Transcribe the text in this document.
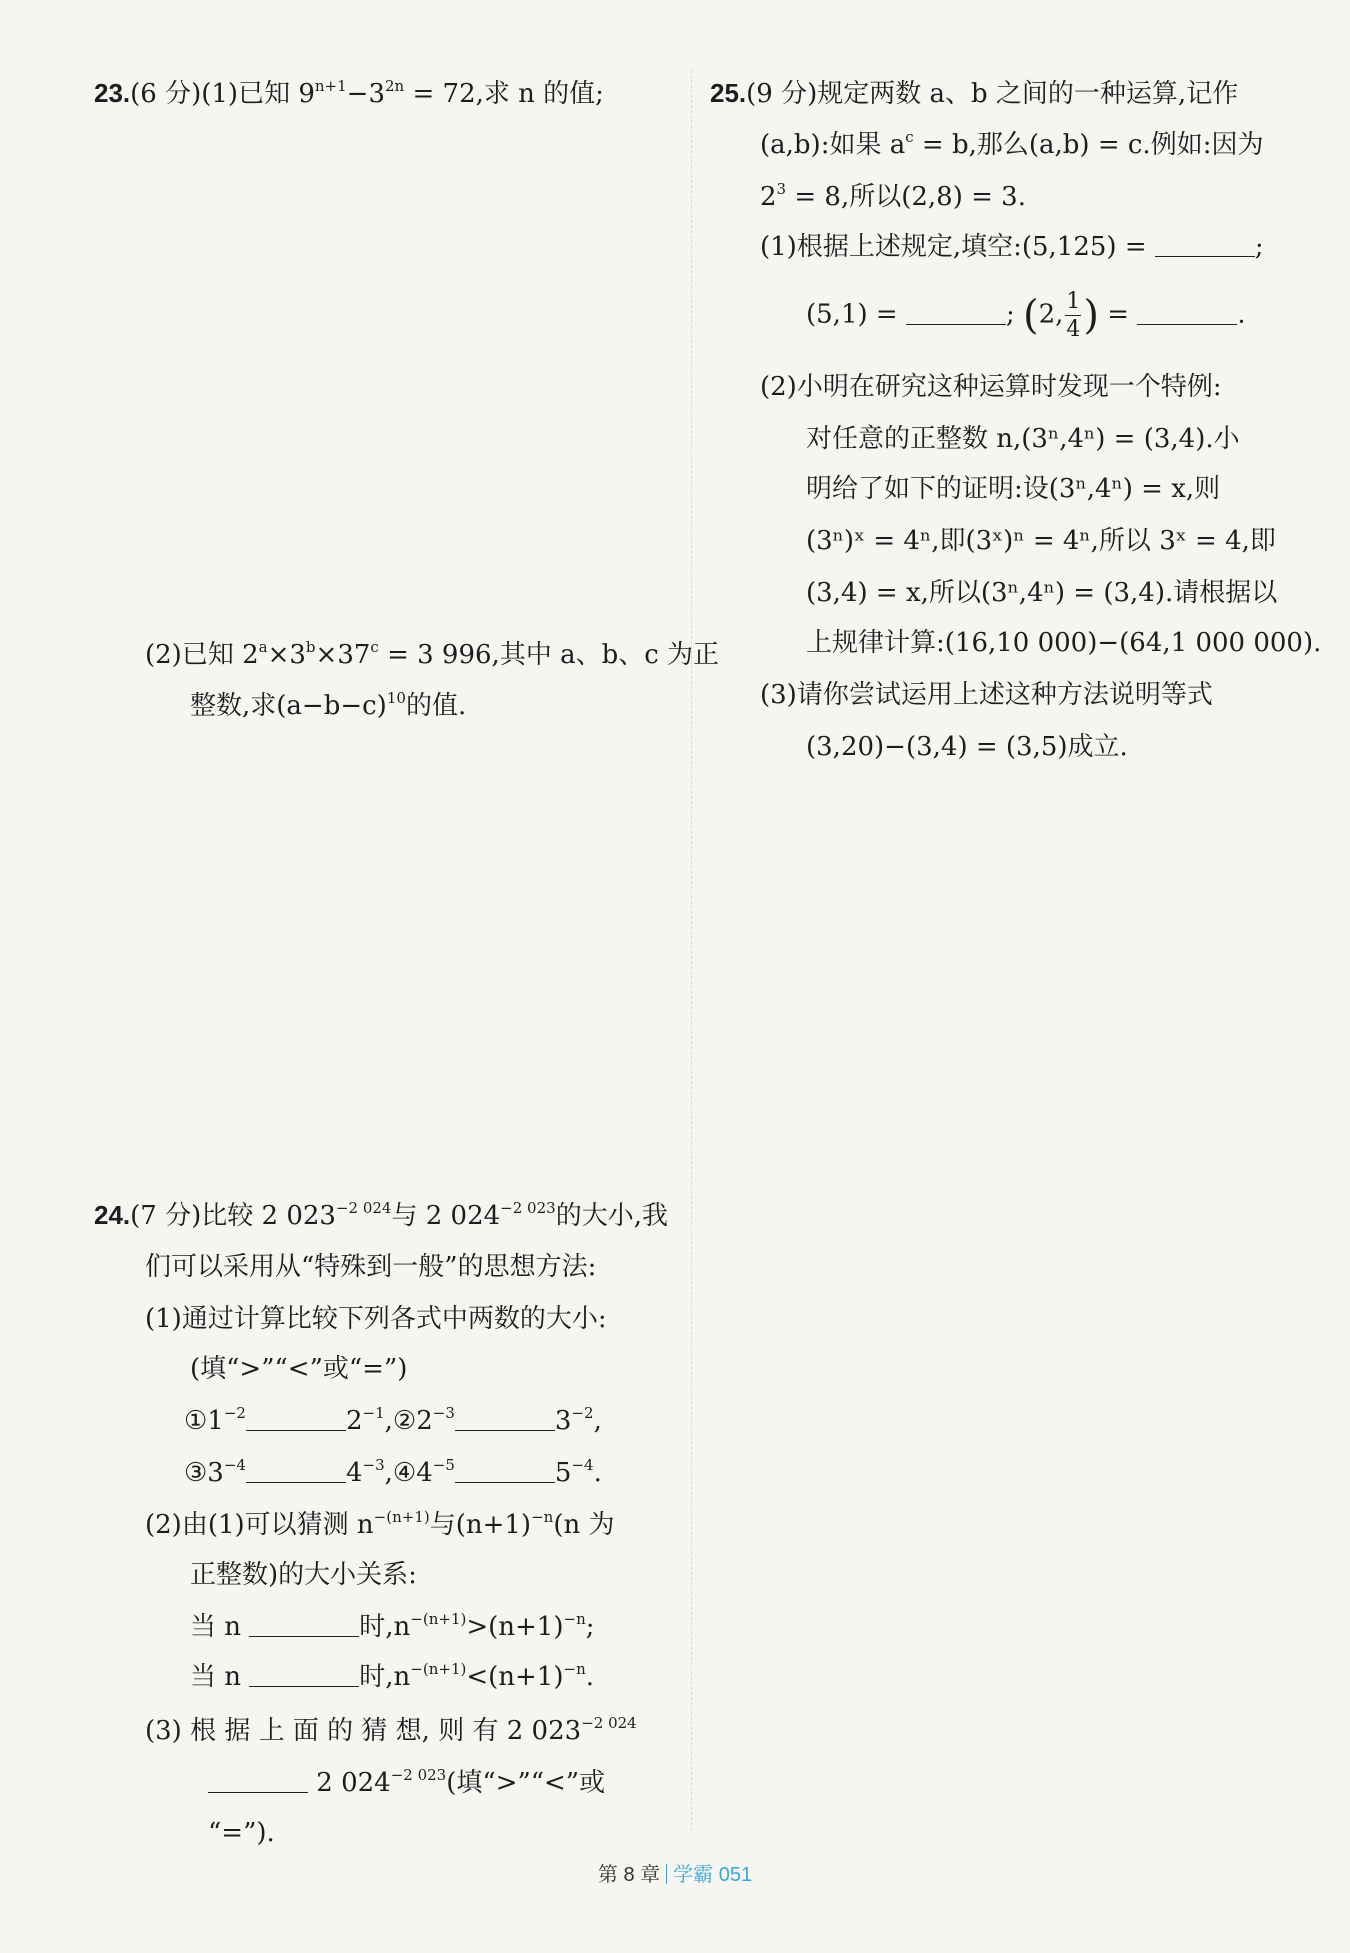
23.(6 分)(1)已知 $9^{n+1}-3^{2n} = 72$,求 n 的值;
(2)已知 $2^a\times 3^b\times 37^c = 3$ 996,其中 a、b、c 为正
整数,求$(a-b-c)^{10}$的值.
24.(7 分)比较 2 $023^{-2 024}$与 2 $024^{-2 023}$的大小,我
们可以采用从“特殊到一般”的思想方法:
(1)通过计算比较下列各式中两数的大小:
(填“>”“<”或“=”)
$①1^{-2}$	$2^{-1},②2^{-3}$	$3^{-2}$,
$③3^{-4}$	$4^{-3},④4^{-5}$	$5^{-4}$.
(2)由(1)可以猜测 $n^{-(n+1)}$与$(n+1)^{-n}(n$ 为
正整数)的大小关系:
当 n	时$,n^{-(n+1)}>(n+1)^{-n}$;
当 n	时$,n^{-(n+1)}<(n+1)^{-n}$.
(3) 根 据 上 面 的 猜 想, 则 有 2 $023^{-2 024}$
2 $024^{-2 023}$(填“>”“<”或
“=”).
25.(9 分)规定两数 a、b 之间的一种运算,记作
(a,b):如果 $a^c = b$,那么(a,b) = c.例如:因为
$2^3 = 8$,所以(2,8) = 3.
(1)根据上述规定,填空:(5,125) =	;
(5,1) =	; (2, $\frac{1}{4}$ ) =	.
(2)小明在研究这种运算时发现一个特例:
对任意的正整数 n,(3ⁿ,4ⁿ) = (3,4).小
明给了如下的证明:设(3ⁿ,4ⁿ) = x,则
(3ⁿ)ˣ = 4ⁿ,即(3ˣ)ⁿ = 4ⁿ,所以 3ˣ = 4,即
(3,4) = x,所以(3ⁿ,4ⁿ) = (3,4).请根据以
上规律计算:(16,10 000)−(64,1 000 000).
(3)请你尝试运用上述这种方法说明等式
(3,20)−(3,4) = (3,5)成立.
第 8 章 学霸 051
